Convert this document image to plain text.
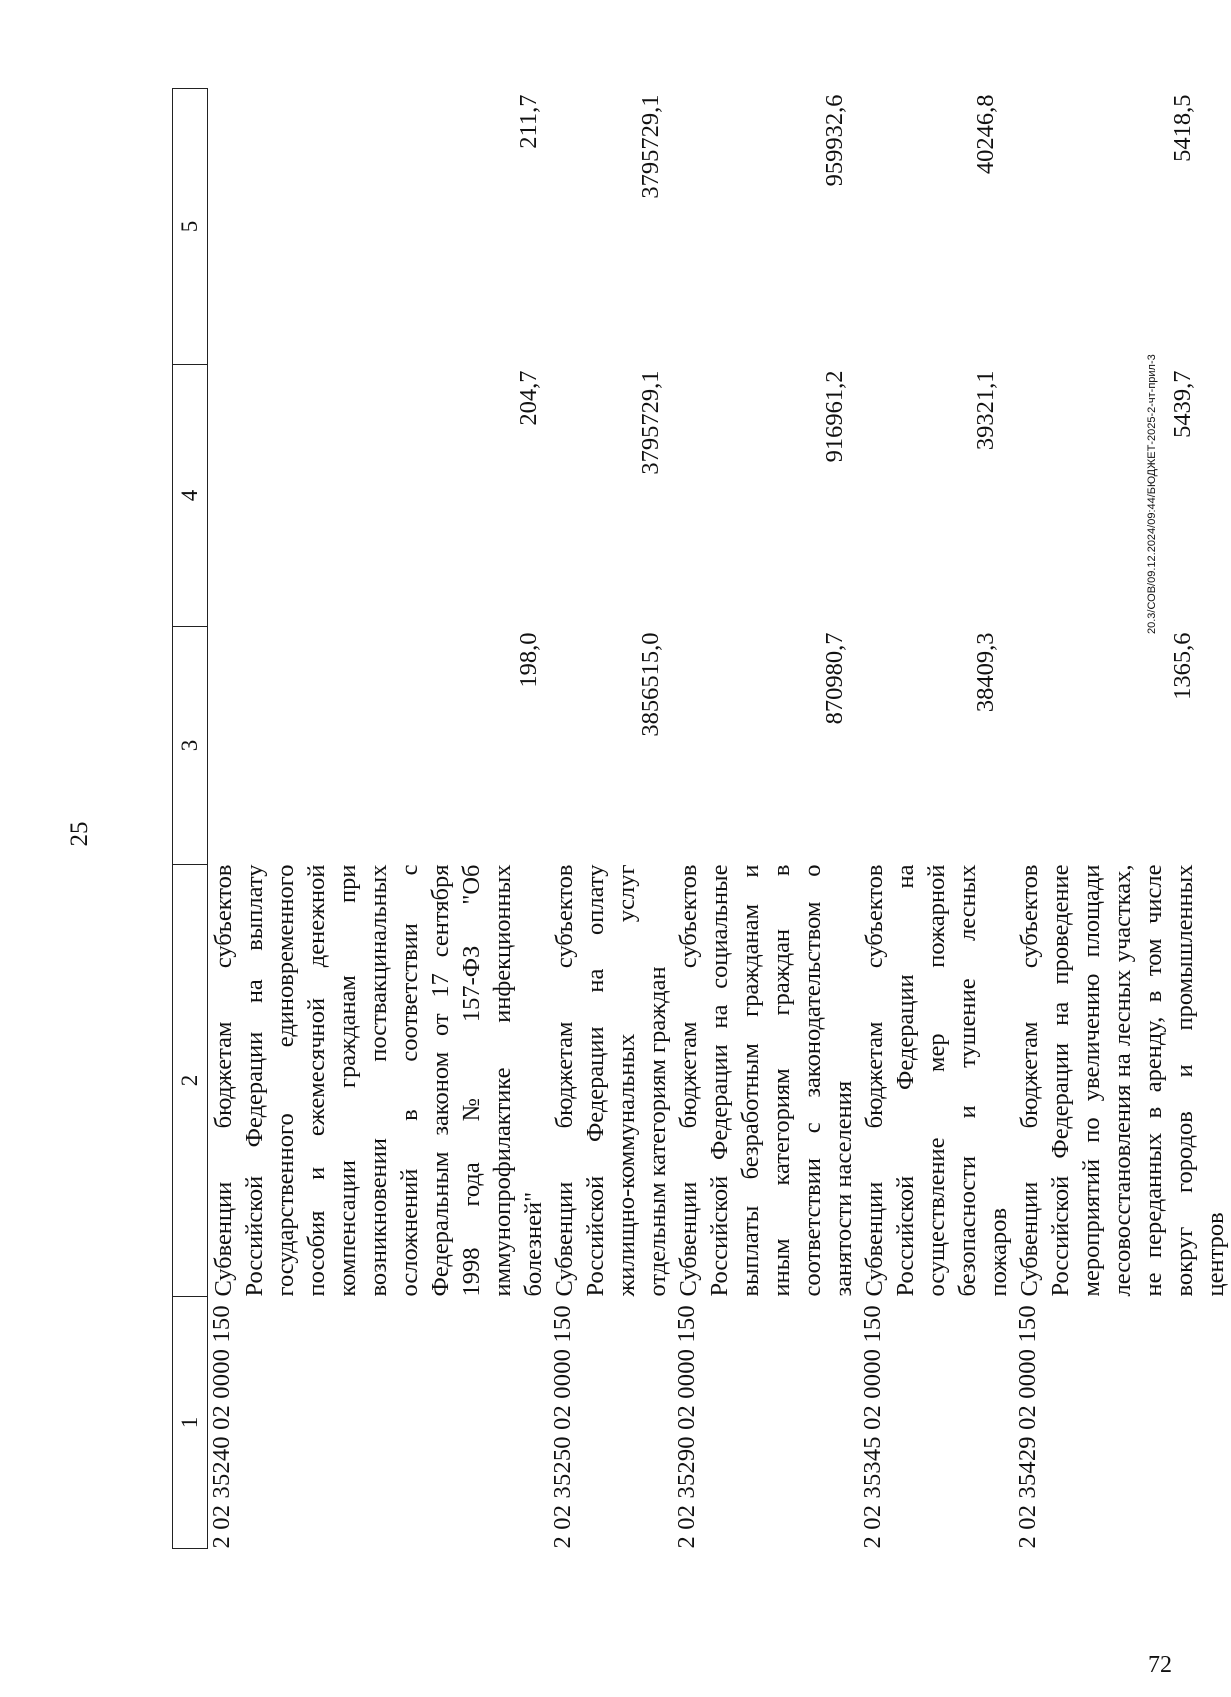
25
1	2	3	4	5
2 02 35240 02 0000 150	Субвенции бюджетам субъектов Российской Федерации на выплату государственного единовременного пособия и ежемесячной денежной компенсации гражданам при возникновении поствакцинальных осложнений в соответствии с Федеральным законом от 17 сентября 1998 года № 157-ФЗ "Об иммунопрофилактике инфекционных болезней"	198,0	204,7	211,7

2 02 35250 02 0000 150	Субвенции бюджетам субъектов Российской Федерации на оплату жилищно-коммунальных услуг отдельным категориям граждан	3856515,0	3795729,1	3795729,1

2 02 35290 02 0000 150	Субвенции бюджетам субъектов Российской Федерации на социальные выплаты безработным гражданам и иным категориям граждан в соответствии с законодательством о занятости населения	870980,7	916961,2	959932,6

2 02 35345 02 0000 150	Субвенции бюджетам субъектов Российской Федерации на осуществление мер пожарной безопасности и тушение лесных пожаров	38409,3	39321,1	40246,8

2 02 35429 02 0000 150	Субвенции бюджетам субъектов Российской Федерации на проведение мероприятий по увеличению площади лесовосстановления на лесных участках, не переданных в аренду, в том числе вокруг городов и промышленных центров	1365,6	5439,7	5418,5
20.3/СОВ/09.12.2024/09:44/БЮДЖЕТ-2025-2-чт-прил-3
72
